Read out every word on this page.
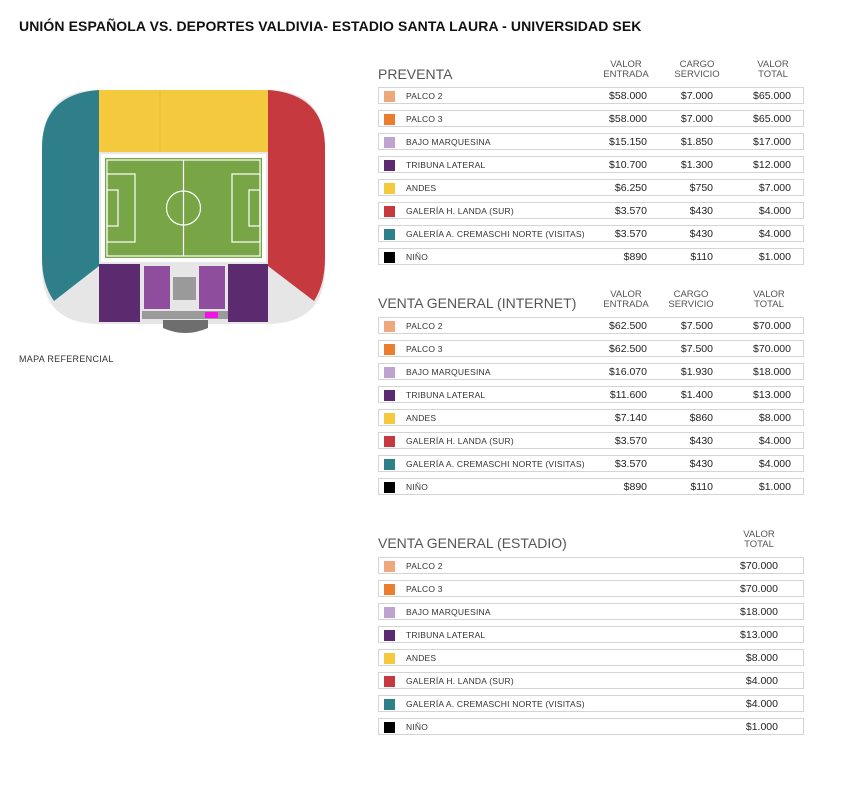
UNIÓN ESPAÑOLA VS. DEPORTES VALDIVIA- ESTADIO SANTA LAURA - UNIVERSIDAD SEK
MAPA REFERENCIAL
PREVENTA
VALOR
ENTRADA
CARGO
SERVICIO
VALOR
TOTAL
PALCO 2	$58.000	$7.000	$65.000
PALCO 3	$58.000	$7.000	$65.000
BAJO MARQUESINA	$15.150	$1.850	$17.000
TRIBUNA LATERAL	$10.700	$1.300	$12.000
ANDES	$6.250	$750	$7.000
GALERÍA H. LANDA (SUR)	$3.570	$430	$4.000
GALERÍA A. CREMASCHI NORTE (VISITAS)	$3.570	$430	$4.000
NIÑO	$890	$110	$1.000
VENTA GENERAL (INTERNET)
VALOR
ENTRADA
CARGO
SERVICIO
VALOR
TOTAL
PALCO 2	$62.500	$7.500	$70.000
PALCO 3	$62.500	$7.500	$70.000
BAJO MARQUESINA	$16.070	$1.930	$18.000
TRIBUNA LATERAL	$11.600	$1.400	$13.000
ANDES	$7.140	$860	$8.000
GALERÍA H. LANDA (SUR)	$3.570	$430	$4.000
GALERÍA A. CREMASCHI NORTE (VISITAS)	$3.570	$430	$4.000
NIÑO	$890	$110	$1.000
VENTA GENERAL (ESTADIO)
VALOR
TOTAL
PALCO 2	$70.000
PALCO 3	$70.000
BAJO MARQUESINA	$18.000
TRIBUNA LATERAL	$13.000
ANDES	$8.000
GALERÍA H. LANDA (SUR)	$4.000
GALERÍA A. CREMASCHI NORTE (VISITAS)	$4.000
NIÑO	$1.000
